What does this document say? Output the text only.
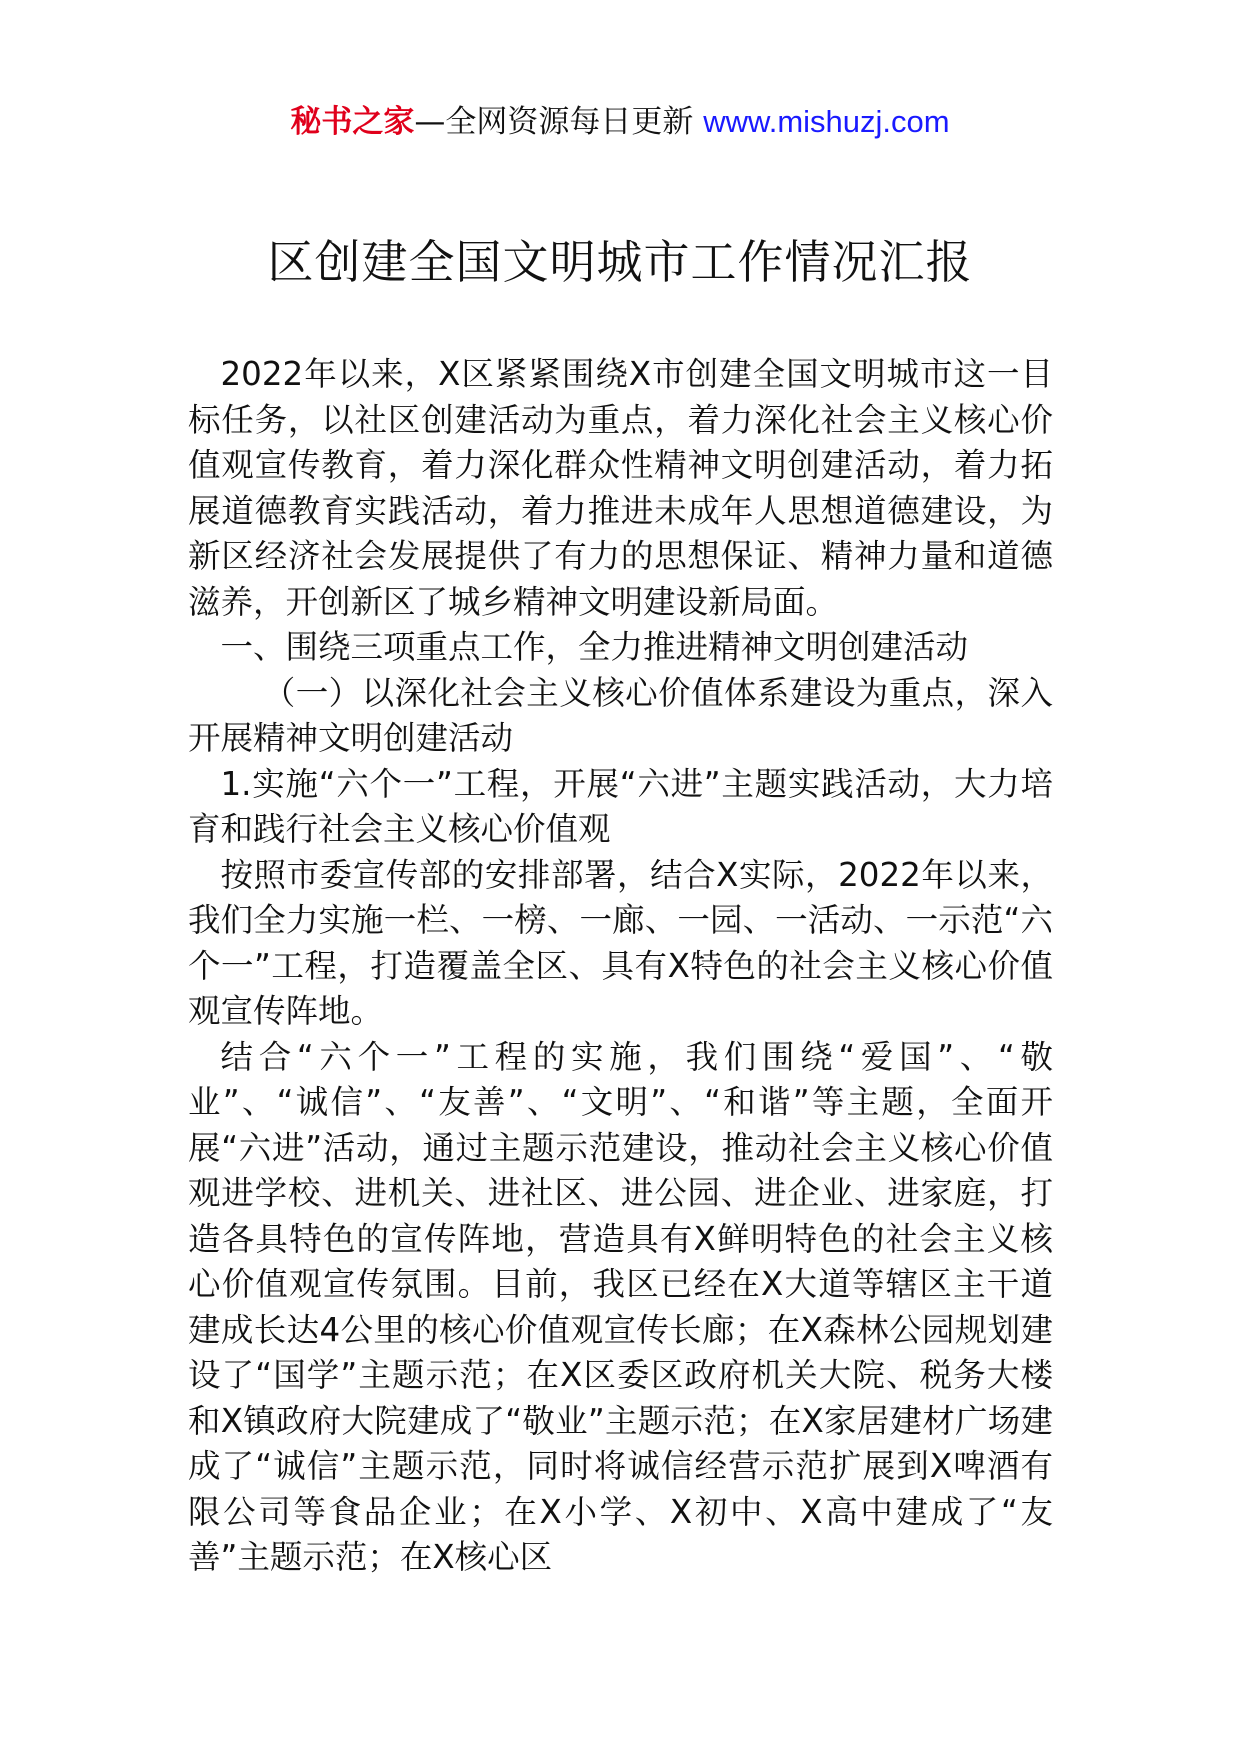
秘书之家—全网资源每日更新 www.mishuzj.com
区创建全国文明城市工作情况汇报

2022年以来，X区紧紧围绕X市创建全国文明城市这一目标任务，以社区创建活动为重点，着力深化社会主义核心价值观宣传教育，着力深化群众性精神文明创建活动，着力拓展道德教育实践活动，着力推进未成年人思想道德建设，为新区经济社会发展提供了有力的思想保证、精神力量和道德滋养，开创新区了城乡精神文明建设新局面。

一、围绕三项重点工作，全力推进精神文明创建活动

（一）以深化社会主义核心价值体系建设为重点，深入开展精神文明创建活动

1.实施“六个一”工程，开展“六进”主题实践活动，大力培育和践行社会主义核心价值观

按照市委宣传部的安排部署，结合X实际，2022年以来，我们全力实施一栏、一榜、一廊、一园、一活动、一示范“六个一”工程，打造覆盖全区、具有X特色的社会主义核心价值观宣传阵地。

结合“六个一”工程的实施，我们围绕“爱国”、“敬业”、“诚信”、“友善”、“文明”、“和谐”等主题，全面开展“六进”活动，通过主题示范建设，推动社会主义核心价值观进学校、进机关、进社区、进公园、进企业、进家庭，打造各具特色的宣传阵地，营造具有X鲜明特色的社会主义核心价值观宣传氛围。目前，我区已经在X大道等辖区主干道建成长达4公里的核心价值观宣传长廊；在X森林公园规划建设了“国学”主题示范；在X区委区政府机关大院、税务大楼和X镇政府大院建成了“敬业”主题示范；在X家居建材广场建成了“诚信”主题示范，同时将诚信经营示范扩展到X啤酒有限公司等食品企业；在X小学、X初中、X高中建成了“友善”主题示范；在X核心区
